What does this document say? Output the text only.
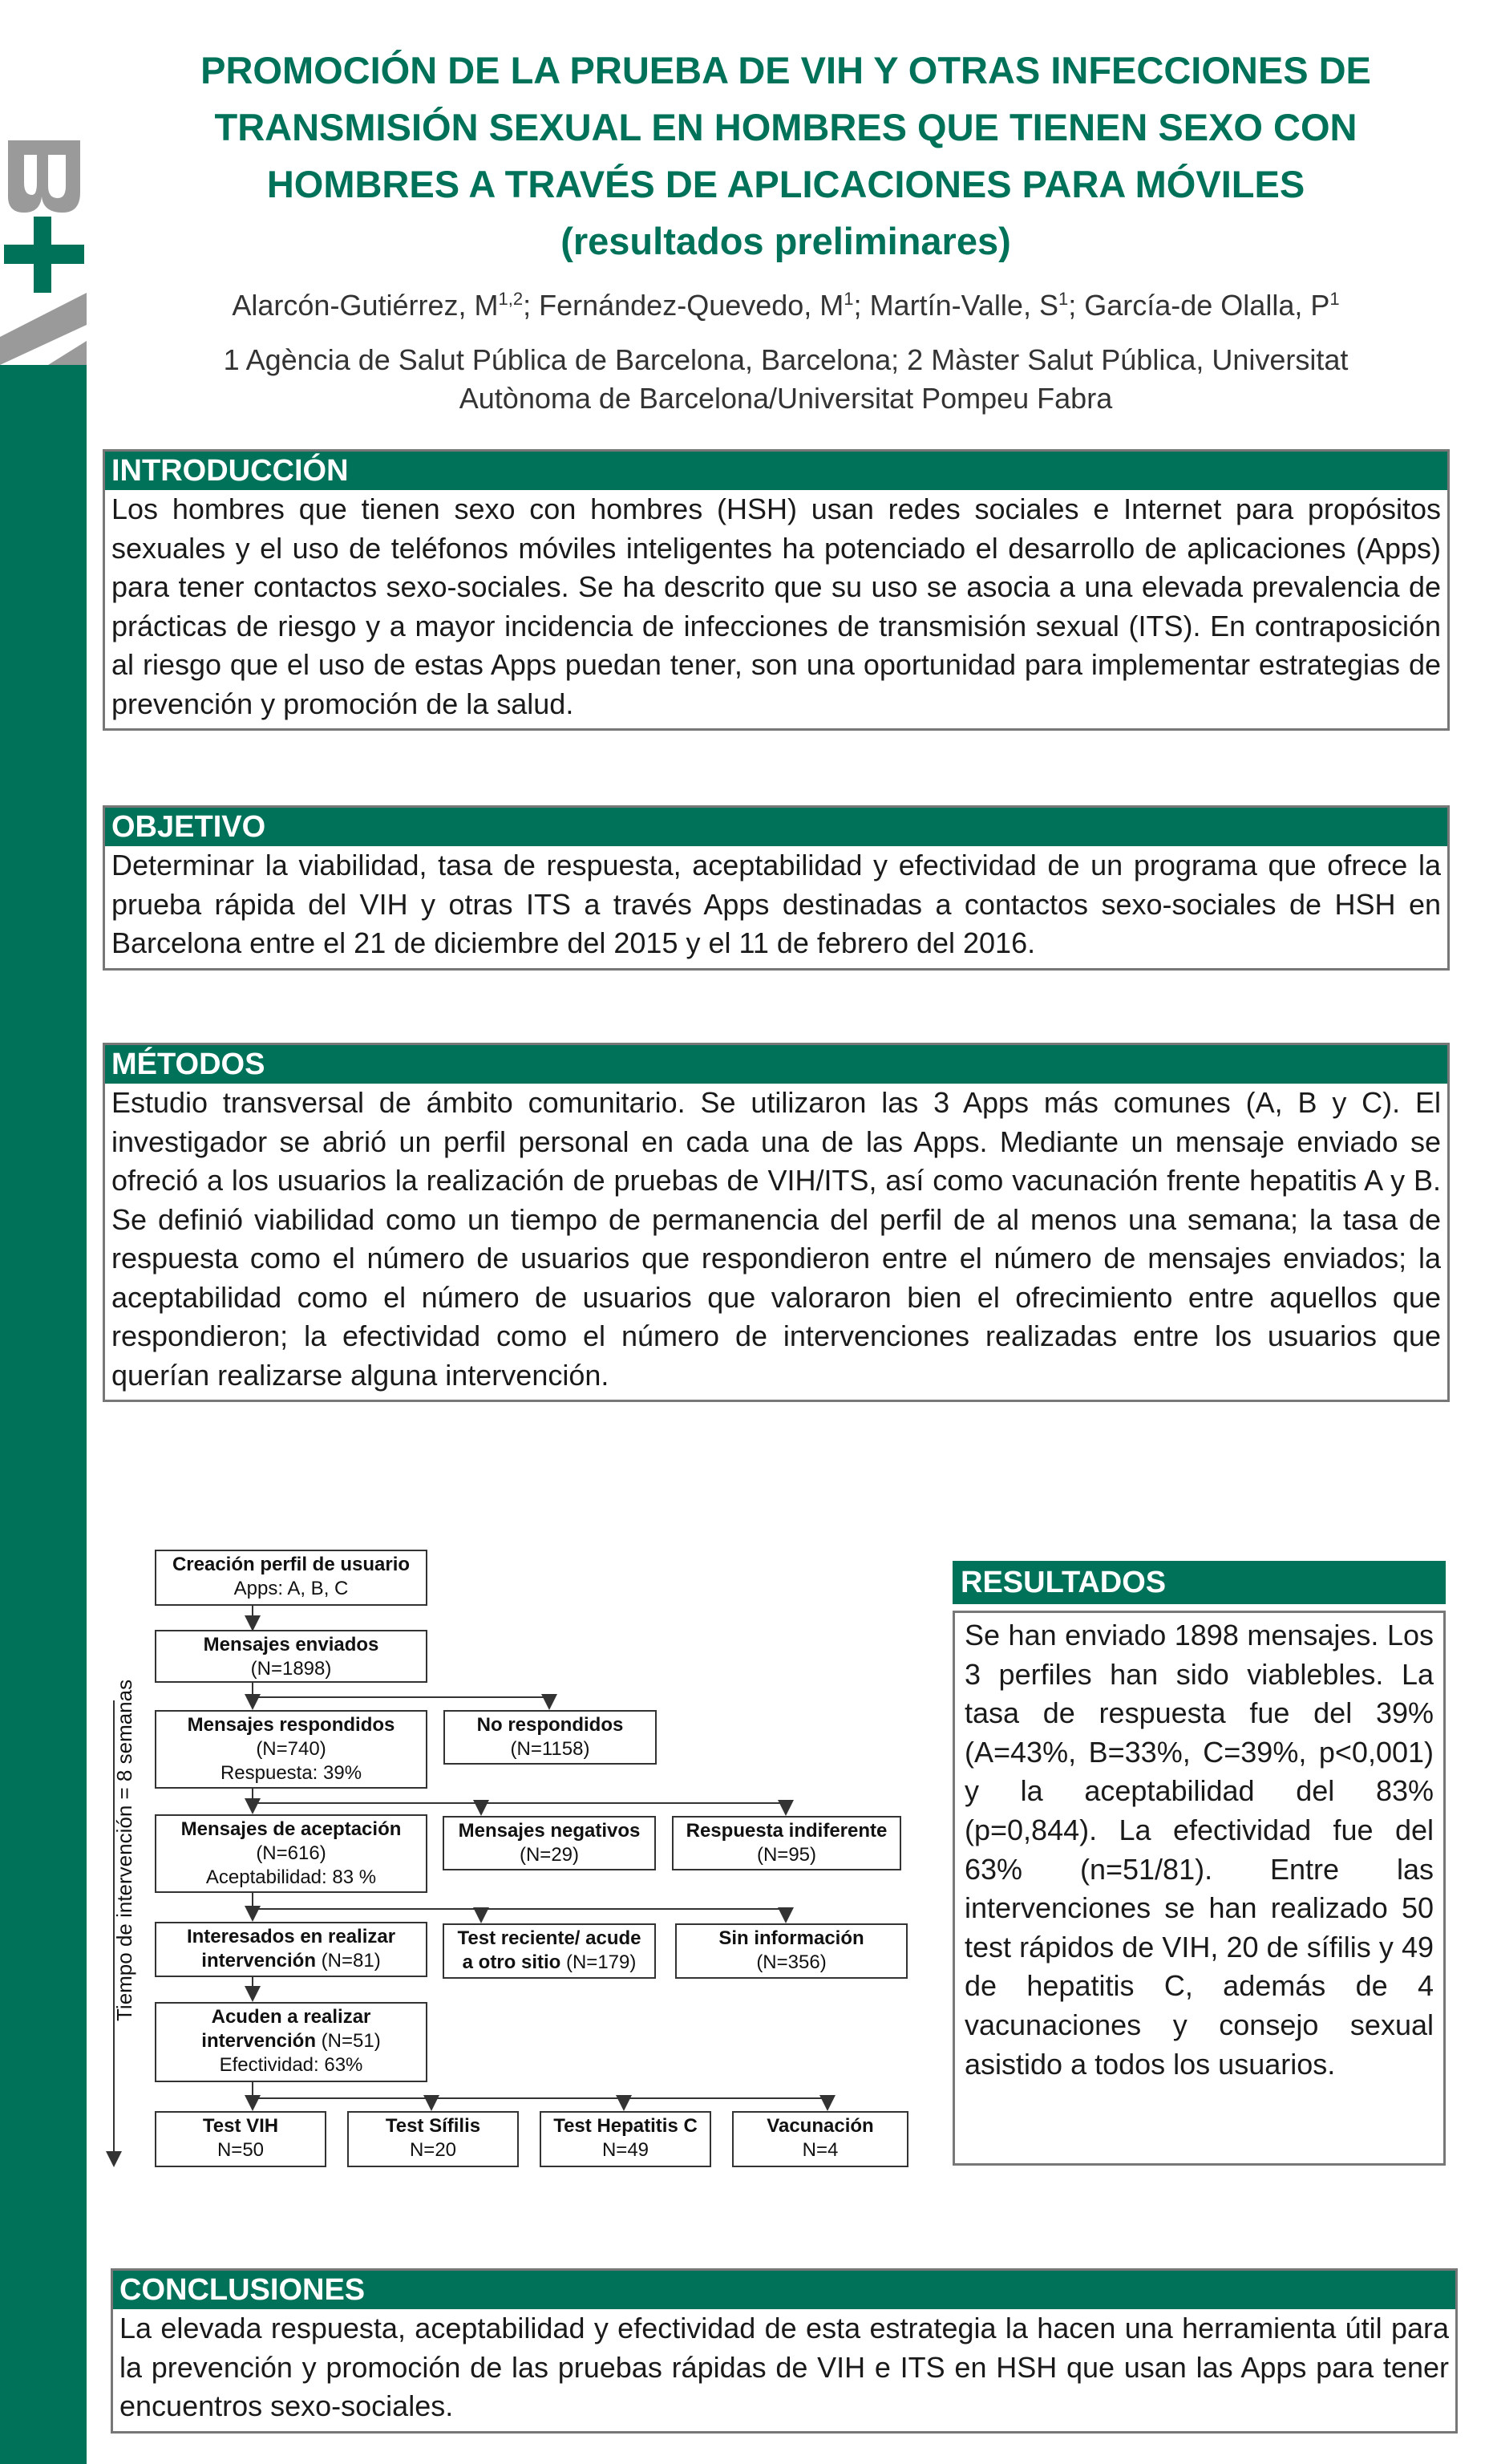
PROMOCIÓN DE LA PRUEBA DE VIH Y OTRAS INFECCIONES DE

TRANSMISIÓN SEXUAL EN HOMBRES QUE TIENEN SEXO CON

HOMBRES A TRAVÉS DE APLICACIONES PARA MÓVILES

(resultados preliminares)

Alarcón-Gutiérrez, M$^{1,2}$; Fernández-Quevedo, $M^1$; Martín-Valle, $S^1$; García-de Olalla, $P^1$
1 Agència de Salut Pública de Barcelona, Barcelona; 2 Màster Salut Pública, Universitat
Autònoma de Barcelona/Universitat Pompeu Fabra
INTRODUCCIÓN
Los hombres que tienen sexo con hombres (HSH) usan redes sociales e Internet para propósitos sexuales y el uso de teléfonos móviles inteligentes ha potenciado el desarrollo de aplicaciones (Apps) para tener contactos sexo-sociales. Se ha descrito que su uso se asocia a una elevada prevalencia de prácticas de riesgo y a mayor incidencia de infecciones de transmisión sexual (ITS). En contraposición al riesgo que el uso de estas Apps puedan tener, son una oportunidad para implementar estrategias de prevención y promoción de la salud.
OBJETIVO
Determinar la viabilidad, tasa de respuesta, aceptabilidad y efectividad de un programa que ofrece la prueba rápida del VIH y otras ITS a través Apps destinadas a contactos sexo-sociales de HSH en Barcelona entre el 21 de diciembre del 2015 y el 11 de febrero del 2016.
MÉTODOS
Estudio transversal de ámbito comunitario. Se utilizaron las 3 Apps más comunes (A, B y C). El investigador se abrió un perfil personal en cada una de las Apps. Mediante un mensaje enviado se ofreció a los usuarios la realización de pruebas de VIH/ITS, así como vacunación frente hepatitis A y B. Se definió viabilidad como un tiempo de permanencia del perfil de al menos una semana; la tasa de respuesta como el número de usuarios que respondieron entre el número de mensajes enviados; la aceptabilidad como el número de usuarios que valoraron bien el ofrecimiento entre aquellos que respondieron; la efectividad como el número de intervenciones realizadas entre los usuarios que querían realizarse alguna intervención.
Tiempo de intervención = 8 semanas
Creación perfil de usuario
Apps: A, B, C
Mensajes enviados
(N=1898)
Mensajes respondidos
(N=740)
Respuesta: 39%
No respondidos
(N=1158)
Mensajes de aceptación
(N=616)
Aceptabilidad: 83 %
Mensajes negativos
(N=29)
Respuesta indiferente
(N=95)
Interesados en realizar
intervención (N=81)
Test reciente/ acude
a otro sitio (N=179)
Sin información
(N=356)
Acuden a realizar
intervención (N=51)
Efectividad: 63%
Test VIH
N=50
Test Sífilis
N=20
Test Hepatitis C
N=49
Vacunación
N=4
RESULTADOS
Se han enviado 1898 mensajes. Los 3 perfiles han sido viablebles. La tasa de respuesta fue del 39% (A=43%, B=33%, C=39%, p<0,001) y la aceptabilidad del 83% (p=0,844). La efectividad fue del 63% (n=51/81). Entre las intervenciones se han realizado 50 test rápidos de VIH, 20 de sífilis y 49 de hepatitis C, además de 4 vacunaciones y consejo sexual asistido a todos los usuarios.
CONCLUSIONES
La elevada respuesta, aceptabilidad y efectividad de esta estrategia la hacen una herramienta útil para la prevención y promoción de las pruebas rápidas de VIH e ITS en HSH que usan las Apps para tener encuentros sexo-sociales.
